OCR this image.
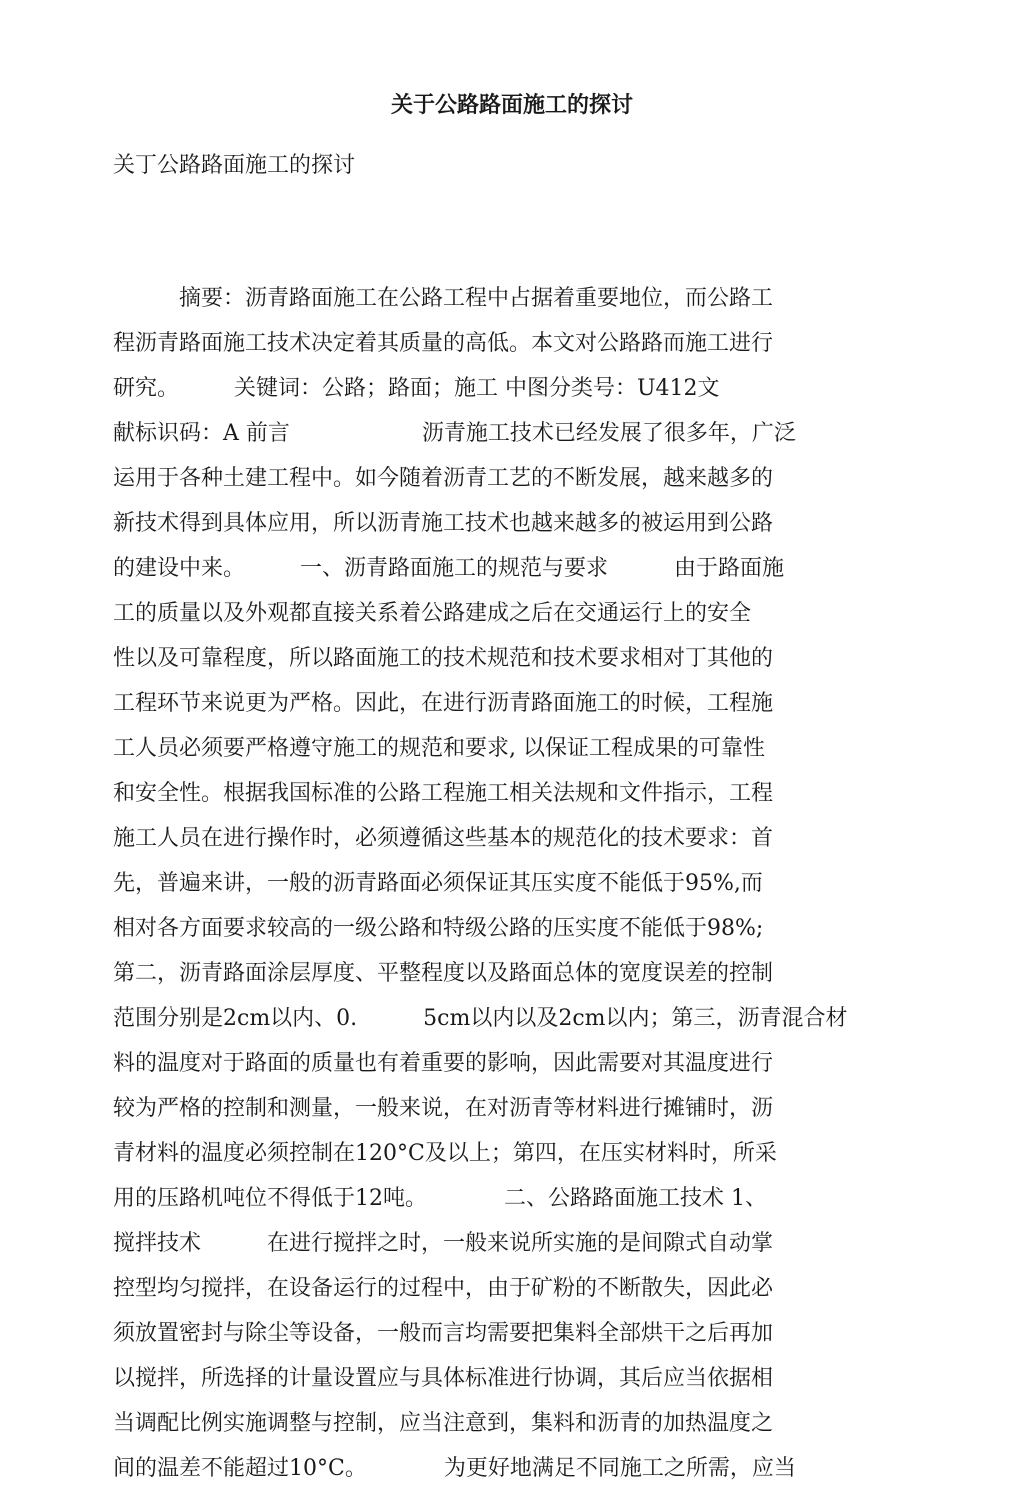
关于公路路面施工的探讨
关丁公路路面施工的探讨
　　　摘要：沥青路面施工在公路工程中占据着重要地位，而公路工
程沥青路面施工技术决定着其质量的高低。本文对公路路而施工进行
研究。　　　关键词：公路；路面；施工 中图分类号：U412文
献标识码：A 前言　　　　　　沥青施工技术已经发展了很多年，广泛
运用于各种土建工程中。如今随着沥青工艺的不断发展，越来越多的
新技术得到具体应用，所以沥青施工技术也越来越多的被运用到公路
的建设中来。　　　一、沥青路面施工的规范与要求　　　由于路面施
工的质量以及外观都直接关系着公路建成之后在交通运行上的安全
性以及可靠程度，所以路面施工的技术规范和技术要求相对丁其他的
工程环节来说更为严格。因此，在进行沥青路面施工的时候，工程施
工人员必须要严格遵守施工的规范和要求, 以保证工程成果的可靠性
和安全性。根据我国标准的公路工程施工相关法规和文件指示，工程
施工人员在进行操作时，必须遵循这些基本的规范化的技术要求：首
先，普遍来讲，一般的沥青路面必须保证其压实度不能低于95%,而
相对各方面要求较高的一级公路和特级公路的压实度不能低于98%;
第二，沥青路面涂层厚度、平整程度以及路面总体的宽度误差的控制
范围分别是2cm以内、0.　　　5cm以内以及2cm以内；第三，沥青混合材
料的温度对于路面的质量也有着重要的影响，因此需要对其温度进行
较为严格的控制和测量，一般来说，在对沥青等材料进行摊铺时，沥
青材料的温度必须控制在120°C及以上；第四，在压实材料时，所采
用的压路机吨位不得低于12吨。　　　　二、公路路面施工技术 1、
搅拌技术　　　在进行搅拌之时，一般来说所实施的是间隙式自动掌
控型均匀搅拌，在设备运行的过程中，由于矿粉的不断散失，因此必
须放置密封与除尘等设备，一般而言均需要把集料全部烘干之后再加
以搅拌，所选择的计量设置应与具体标准进行协调，其后应当依据相
当调配比例实施调整与控制，应当注意到，集料和沥青的加热温度之
间的温差不能超过10°C。　　　　为更好地满足不同施工之所需，应当
